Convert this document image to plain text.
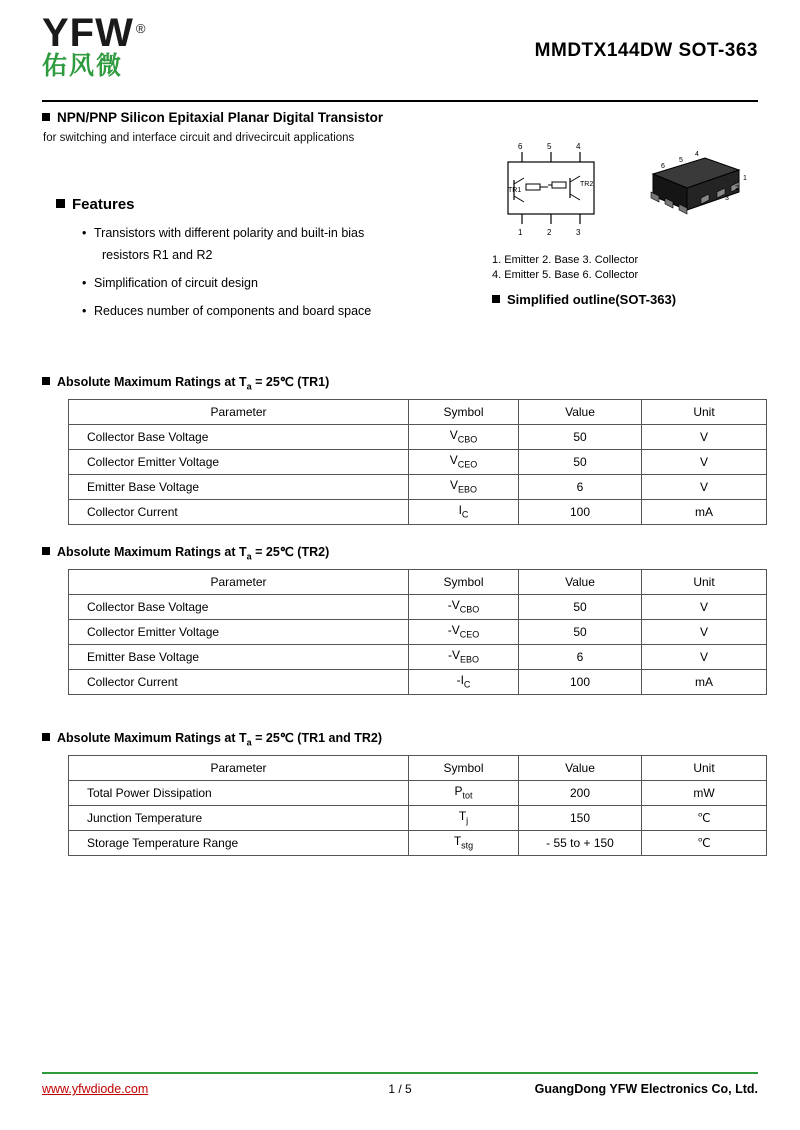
YFW ®
佑风微
MMDTX144DW SOT-363
NPN/PNP Silicon Epitaxial Planar Digital Transistor
for switching and interface circuit and drivecircuit applications
Features
• Transistors with different polarity and built-in bias
resistors R1 and R2
• Simplification of circuit design
• Reduces number of components and board space
TR1
TR2
6	5	4
1	2	3
1
2
3
4
5
6
1. Emitter 2. Base 3. Collector
4. Emitter 5. Base 6. Collector
Simplified outline(SOT-363)
Absolute Maximum Ratings at $T_a$ = 25℃ (TR1)
Parameter	Symbol	Value	Unit
Collector Base Voltage	$V_{CBO}$	50	V
Collector Emitter Voltage	$V_{CEO}$	50	V
Emitter Base Voltage	$V_{EBO}$	6	V
Collector Current	$I_C$	100	mA
Absolute Maximum Ratings at $T_a$ = 25℃ (TR2)
Parameter	Symbol	Value	Unit
Collector Base Voltage	$-V_{CBO}$	50	V
Collector Emitter Voltage	$-V_{CEO}$	50	V
Emitter Base Voltage	$-V_{EBO}$	6	V
Collector Current	$-I_C$	100	mA
Absolute Maximum Ratings at $T_a$ = 25℃ (TR1 and TR2)
Parameter	Symbol	Value	Unit
Total Power Dissipation	$P_{tot}$	200	mW
Junction Temperature	$T_j$	150	℃
Storage Temperature Range	$T_{stg}$	- 55 to + 150	℃
www.yfwdiode.com	1 / 5	GuangDong YFW Electronics Co, Ltd.
